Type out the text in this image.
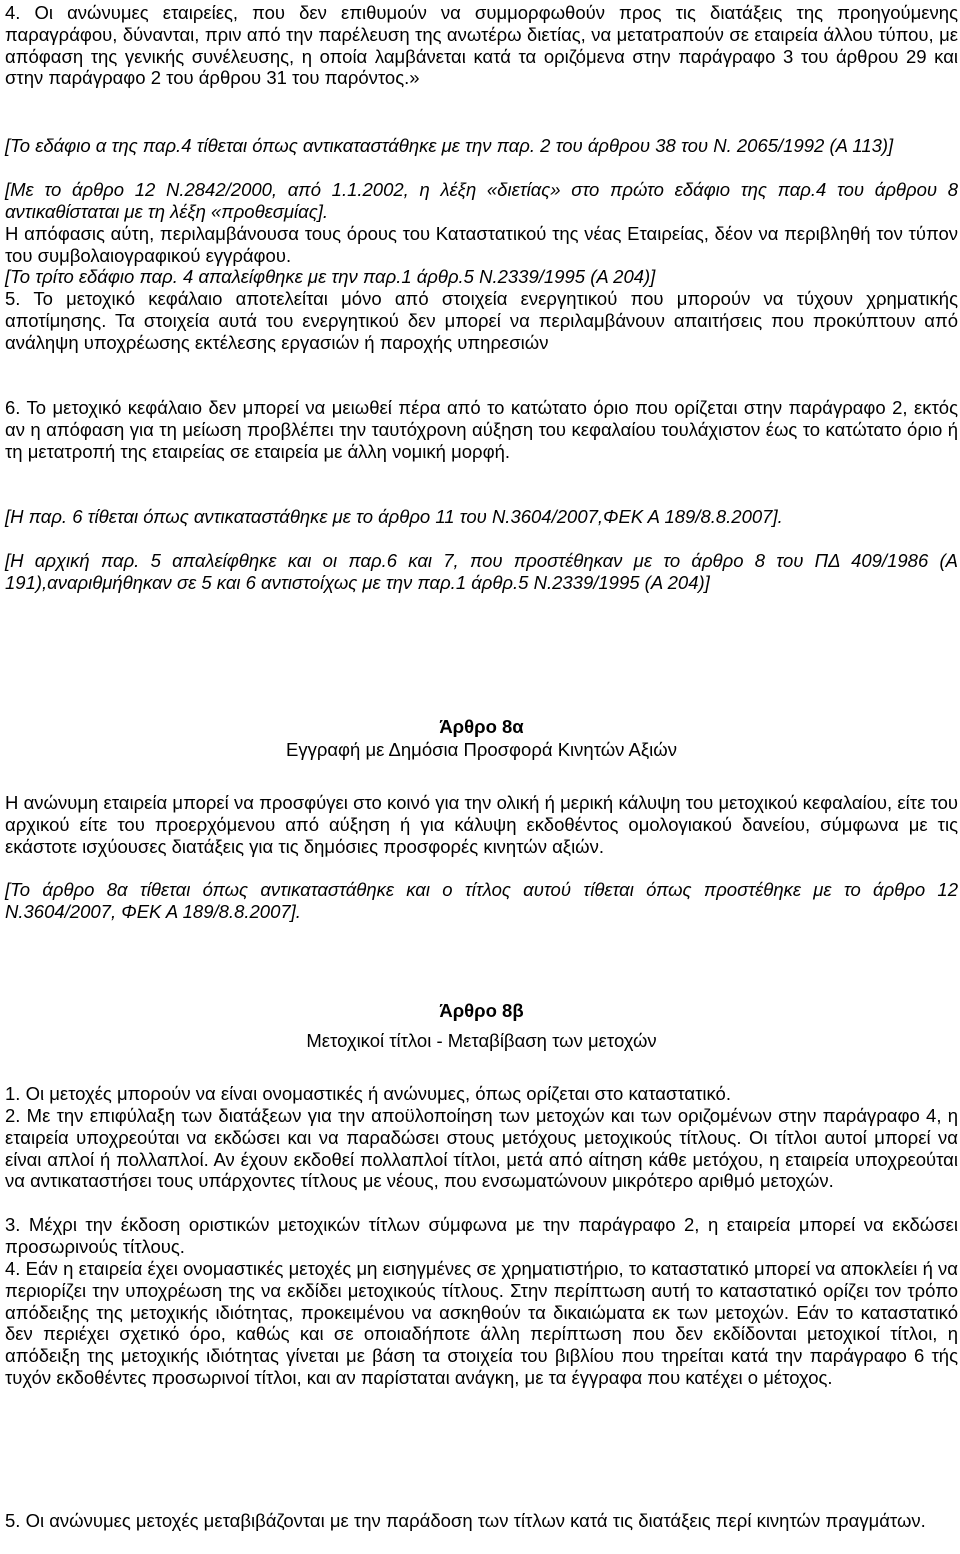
4. Οι ανώνυμες εταιρείες, που δεν επιθυμούν να συμμορφωθούν προς τις διατάξεις της προηγούμενης παραγράφου, δύνανται, πριν από την παρέλευση της ανωτέρω διετίας, να μετατραπούν σε εταιρεία άλλου τύπου, με απόφαση της γενικής συνέλευσης, η οποία λαμβάνεται κατά τα οριζόμενα στην παράγραφο 3 του άρθρου 29 και στην παράγραφο 2 του άρθρου 31 του παρόντος.»

[Το εδάφιο α της παρ.4 τίθεται όπως αντικαταστάθηκε με την παρ. 2 του άρθρου 38 του Ν. 2065/1992 (Α 113)]

[Με το άρθρο 12 Ν.2842/2000, από 1.1.2002, η λέξη «διετίας» στο πρώτο εδάφιο της παρ.4 του άρθρου 8 αντικαθίσταται με τη λέξη «προθεσμίας].

Η απόφασις αύτη, περιλαμβάνουσα τους όρους του Καταστατικού της νέας Εταιρείας, δέον να περιβληθή τον τύπον του συμβολαιογραφικού εγγράφου.

[Το τρίτο εδάφιο παρ. 4 απαλείφθηκε με την παρ.1 άρθρ.5 Ν.2339/1995 (Α 204)]

5. Το μετοχικό κεφάλαιο αποτελείται μόνο από στοιχεία ενεργητικού που μπορούν να τύχουν χρηματικής αποτίμησης. Τα στοιχεία αυτά του ενεργητικού δεν μπορεί να περιλαμβάνουν απαιτήσεις που προκύπτουν από ανάληψη υποχρέωσης εκτέλεσης εργασιών ή παροχής υπηρεσιών

6. Το μετοχικό κεφάλαιο δεν μπορεί να μειωθεί πέρα από το κατώτατο όριο που ορίζεται στην παράγραφο 2, εκτός αν η απόφαση για τη μείωση προβλέπει την ταυτόχρονη αύξηση του κεφαλαίου τουλάχιστον έως το κατώτατο όριο ή τη μετατροπή της εταιρείας σε εταιρεία με άλλη νομική μορφή.

[Η παρ. 6 τίθεται όπως αντικαταστάθηκε με το άρθρο 11 του Ν.3604/2007,ΦΕΚ Α 189/8.8.2007].

[Η αρχική παρ. 5 απαλείφθηκε και οι παρ.6 και 7, που προστέθηκαν με το άρθρο 8 του ΠΔ 409/1986 (Α 191),αναριθμήθηκαν σε 5 και 6 αντιστοίχως με την παρ.1 άρθρ.5 Ν.2339/1995 (Α 204)]

Άρθρο 8α

Εγγραφή με Δημόσια Προσφορά Κινητών Αξιών

Η ανώνυμη εταιρεία μπορεί να προσφύγει στο κοινό για την ολική ή μερική κάλυψη του μετοχικού κεφαλαίου, είτε του αρχικού είτε του προερχόμενου από αύξηση ή για κάλυψη εκδοθέντος ομολογιακού δανείου, σύμφωνα με τις εκάστοτε ισχύουσες διατάξεις για τις δημόσιες προσφορές κινητών αξιών.

[Το άρθρο 8α τίθεται όπως αντικαταστάθηκε και ο τίτλος αυτού τίθεται όπως προστέθηκε με το άρθρο 12 Ν.3604/2007, ΦΕΚ Α 189/8.8.2007].

Άρθρο 8β

Μετοχικοί τίτλοι - Μεταβίβαση των μετοχών

1. Οι μετοχές μπορούν να είναι ονομαστικές ή ανώνυμες, όπως ορίζεται στο καταστατικό.

2. Με την επιφύλαξη των διατάξεων για την αποϋλοποίηση των μετοχών και των οριζομένων στην παράγραφο 4, η εταιρεία υποχρεούται να εκδώσει και να παραδώσει στους μετόχους μετοχικούς τίτλους. Οι τίτλοι αυτοί μπορεί να είναι απλοί ή πολλαπλοί. Αν έχουν εκδοθεί πολλαπλοί τίτλοι, μετά από αίτηση κάθε μετόχου, η εταιρεία υποχρεούται να αντικαταστήσει τους υπάρχοντες τίτλους με νέους, που ενσωματώνουν μικρότερο αριθμό μετοχών.

3. Μέχρι την έκδοση οριστικών μετοχικών τίτλων σύμφωνα με την παράγραφο 2, η εταιρεία μπορεί να εκδώσει προσωρινούς τίτλους.

4. Εάν η εταιρεία έχει ονομαστικές μετοχές μη εισηγμένες σε χρηματιστήριο, το καταστατικό μπορεί να αποκλείει ή να περιορίζει την υποχρέωση της να εκδίδει μετοχικούς τίτλους. Στην περίπτωση αυτή το καταστατικό ορίζει τον τρόπο απόδειξης της μετοχικής ιδιότητας, προκειμένου να ασκηθούν τα δικαιώματα εκ των μετοχών. Εάν το καταστατικό δεν περιέχει σχετικό όρο, καθώς και σε οποιαδήποτε άλλη περίπτωση που δεν εκδίδονται μετοχικοί τίτλοι, η απόδειξη της μετοχικής ιδιότητας γίνεται με βάση τα στοιχεία του βιβλίου που τηρείται κατά την παράγραφο 6 τής τυχόν εκδοθέντες προσωρινοί τίτλοι, και αν παρίσταται ανάγκη, με τα έγγραφα που κατέχει ο μέτοχος.

5. Οι ανώνυμες μετοχές μεταβιβάζονται με την παράδοση των τίτλων κατά τις διατάξεις περί κινητών πραγμάτων.
